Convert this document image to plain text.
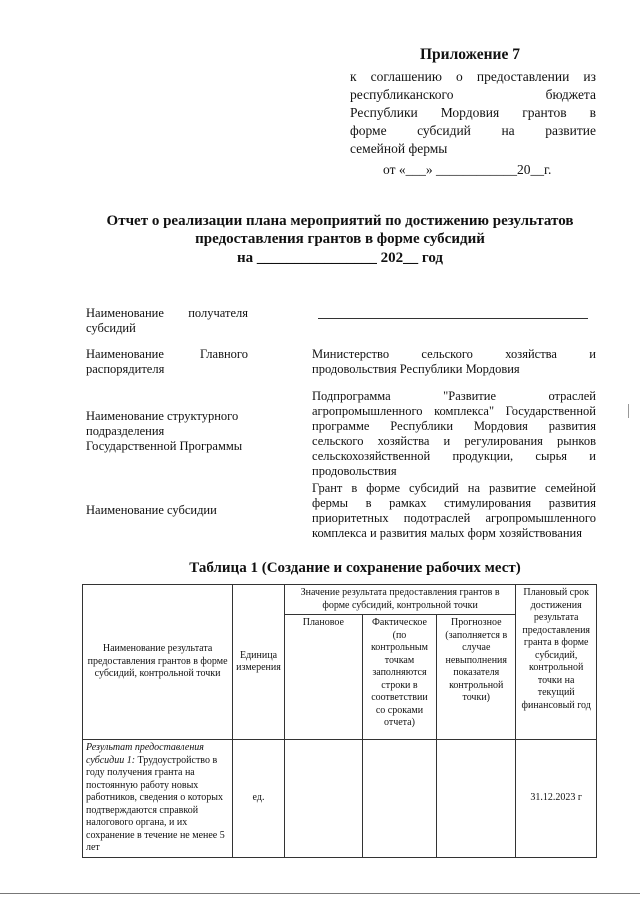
Приложение 7
к соглашению о предоставлении из
республиканского бюджета
Республики Мордовия грантов в
форме субсидий на развитие
семейной фермы
от «___» ____________20__г.
Отчет о реализации плана мероприятий по достижению результатов
предоставления грантов в форме субсидий
на ________________ 202__ год
Наименование получателя субсидий
Наименование Главного распорядителя
Министерство сельского хозяйства и продовольствия Республики Мордовия
Наименование структурного подразделения Государственной Программы
Подпрограмма "Развитие отраслей агропромышленного комплекса" Государственной программе Республики Мордовия развития сельского хозяйства и регулирования рынков сельскохозяйственной продукции, сырья и продовольствия
Наименование субсидии
Грант в форме субсидий на развитие семейной фермы в рамках стимулирования развития приоритетных подотраслей агропромышленного комплекса и развития малых форм хозяйствования
Таблица 1 (Создание и сохранение рабочих мест)
Наименование результата предоставления грантов в форме субсидий, контрольной точки	Единица измерения	Значение результата предоставления грантов в форме субсидий, контрольной точки			Плановый срок достижения результата предоставления гранта в форме субсидий, контрольной точки на текущий финансовый год
		Плановое	Фактическое (по контрольным точкам заполняются строки в соответствии со сроками отчета)	Прогнозное (заполняется в случае невыполнения показателя контрольной точки)	
Результат предоставления субсидии 1: Трудоустройство в году получения гранта на постоянную работу новых работников, сведения о которых подтверждаются справкой налогового органа, и их сохранение в течение не менее 5 лет	ед.				31.12.2023 г
